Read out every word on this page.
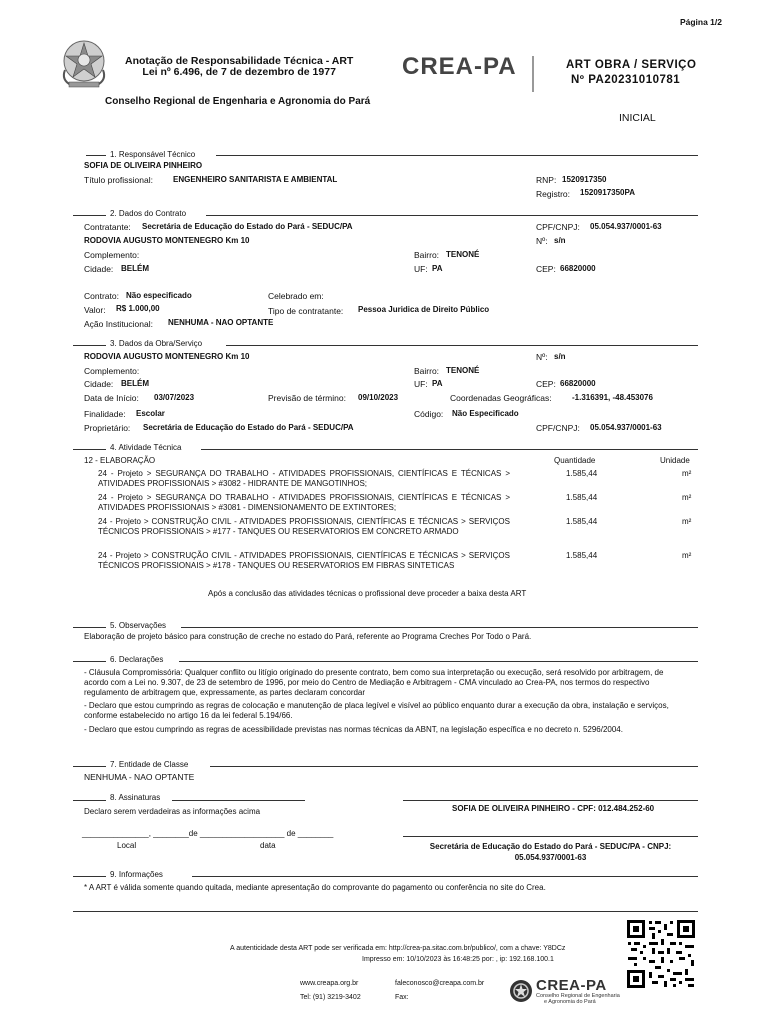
Página 1/2
Anotação de Responsabilidade Técnica - ART
Lei nº 6.496, de 7 de dezembro de 1977	CREA-PA	ART OBRA / SERVIÇO
Nº PA20231010781
Conselho Regional de Engenharia e Agronomia do Pará
INICIAL
1. Responsável Técnico
SOFIA DE OLIVEIRA PINHEIRO
Título profissional:	ENGENHEIRO SANITARISTA E AMBIENTAL	RNP: 1520917350
Registro: 1520917350PA
2. Dados do Contrato
Contratante: Secretária de Educação do Estado do Pará - SEDUC/PA	CPF/CNPJ: 05.054.937/0001-63
RODOVIA AUGUSTO MONTENEGRO Km 10	Nº: s/n
Complemento:	Bairro: TENONÉ
Cidade: BELÉM	UF: PA	CEP: 66820000
Contrato: Não especificado	Celebrado em:
Valor: R$ 1.000,00	Tipo de contratante: Pessoa Juridica de Direito Público
Ação Institucional: NENHUMA - NAO OPTANTE
3. Dados da Obra/Serviço
RODOVIA AUGUSTO MONTENEGRO Km 10	Nº: s/n
Complemento:	Bairro: TENONÉ
Cidade: BELÉM	UF: PA	CEP: 66820000
Data de Início: 03/07/2023	Previsão de término: 09/10/2023	Coordenadas Geográficas:	-1.316391, -48.453076
Finalidade: Escolar	Código: Não Especificado
Proprietário: Secretária de Educação do Estado do Pará - SEDUC/PA	CPF/CNPJ: 05.054.937/0001-63
4. Atividade Técnica
12 - ELABORAÇÃO	Quantidade	Unidade
24 - Projeto > SEGURANÇA DO TRABALHO - ATIVIDADES PROFISSIONAIS, CIENTÍFICAS E TÉCNICAS > ATIVIDADES PROFISSIONAIS > #3082 - HIDRANTE DE MANGOTINHOS;
1.585,44	m²
24 - Projeto > SEGURANÇA DO TRABALHO - ATIVIDADES PROFISSIONAIS, CIENTÍFICAS E TÉCNICAS > ATIVIDADES PROFISSIONAIS > #3081 - DIMENSIONAMENTO DE EXTINTORES;
1.585,44	m²
24 - Projeto > CONSTRUÇÃO CIVIL - ATIVIDADES PROFISSIONAIS, CIENTÍFICAS E TÉCNICAS > SERVIÇOS TÉCNICOS PROFISSIONAIS > #177 - TANQUES OU RESERVATORIOS EM CONCRETO ARMADO
1.585,44	m²
24 - Projeto > CONSTRUÇÃO CIVIL - ATIVIDADES PROFISSIONAIS, CIENTÍFICAS E TÉCNICAS > SERVIÇOS TÉCNICOS PROFISSIONAIS > #178 - TANQUES OU RESERVATORIOS EM FIBRAS SINTETICAS
1.585,44	m²
Após a conclusão das atividades técnicas o profissional deve proceder a baixa desta ART
5. Observações
Elaboração de projeto básico para construção de creche no estado do Pará, referente ao Programa Creches Por Todo o Pará.
6. Declarações
- Cláusula Compromissória: Qualquer conflito ou litígio originado do presente contrato, bem como sua interpretação ou execução, será resolvido por arbitragem, de acordo com a Lei no. 9.307, de 23 de setembro de 1996, por meio do Centro de Mediação e Arbitragem - CMA vinculado ao Crea-PA, nos termos do respectivo regulamento de arbitragem que, expressamente, as partes declaram concordar
- Declaro que estou cumprindo as regras de colocação e manutenção de placa legível e visível ao público enquanto durar a execução da obra, instalação e serviços, conforme estabelecido no artigo 16 da lei federal 5.194/66.
- Declaro que estou cumprindo as regras de acessibilidade previstas nas normas técnicas da ABNT, na legislação específica e no decreto n. 5296/2004.
7. Entidade de Classe
NENHUMA - NAO OPTANTE
8. Assinaturas
Declaro serem verdadeiras as informações acima	SOFIA DE OLIVEIRA PINHEIRO - CPF: 012.484.252-60
_______________, ________de ___________________ de ________
Local	data	Secretária de Educação do Estado do Pará - SEDUC/PA - CNPJ:
05.054.937/0001-63
9. Informações
* A ART é válida somente quando quitada, mediante apresentação do comprovante do pagamento ou conferência no site do Crea.
A autenticidade desta ART pode ser verificada em: http://crea-pa.sitac.com.br/publico/, com a chave: Y8DCz
Impresso em: 10/10/2023 às 16:48:25 por: , ip: 192.168.100.1
www.creapa.org.br
Tel: (91) 3219-3402
faleconosco@creapa.com.br
Fax:
CREA-PA
Conselho Regional de Engenharia
e Agronomia do Pará
